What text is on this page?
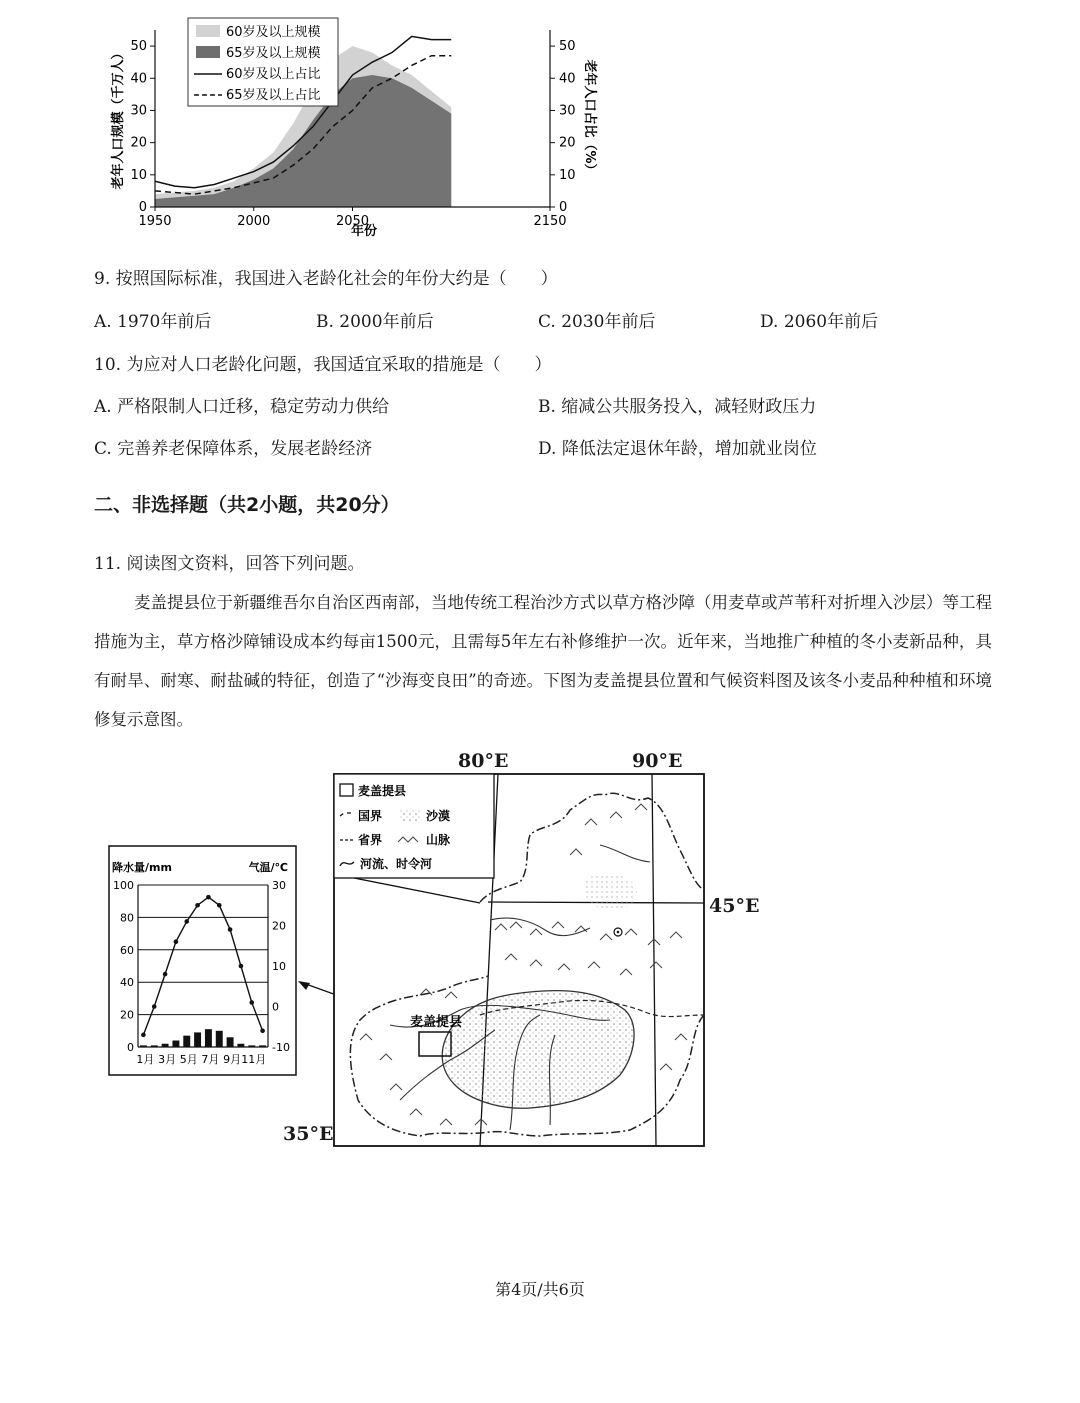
0
10
20
30
40
50
0
10
20
30
40
50
1950	2000	2050	2150
老年人口规模（千万人）	老年人口占比（%）
年份
60岁及以上规模
65岁及以上规模
60岁及以上占比
65岁及以上占比
9. 按照国际标准，我国进入老龄化社会的年份大约是（　　）
A. 1970年前后	B. 2000年前后	C. 2030年前后	D. 2060年前后
10. 为应对人口老龄化问题，我国适宜采取的措施是（　　）
A. 严格限制人口迁移，稳定劳动力供给	B. 缩减公共服务投入，减轻财政压力
C. 完善养老保障体系，发展老龄经济	D. 降低法定退休年龄，增加就业岗位
二、非选择题（共2小题，共20分）
11. 阅读图文资料，回答下列问题。
麦盖提县位于新疆维吾尔自治区西南部，当地传统工程治沙方式以草方格沙障（用麦草或芦苇秆对折埋入沙层）等工程措施为主，草方格沙障铺设成本约每亩1500元，且需每5年左右补修维护一次。近年来，当地推广种植的冬小麦新品种，具有耐旱、耐寒、耐盐碱的特征，创造了“沙海变良田”的奇迹。下图为麦盖提县位置和气候资料图及该冬小麦品种种植和环境修复示意图。
降水量/mm	气温/℃
0
20
40
60
80
100
-10
0
10
20
30
1月 3月 5月 7月 9月 11月
80°E	90°E
45°E
35°E
麦盖提县
麦盖提县
国界	沙漠
省界	山脉
河流、时令河
第4页/共6页
